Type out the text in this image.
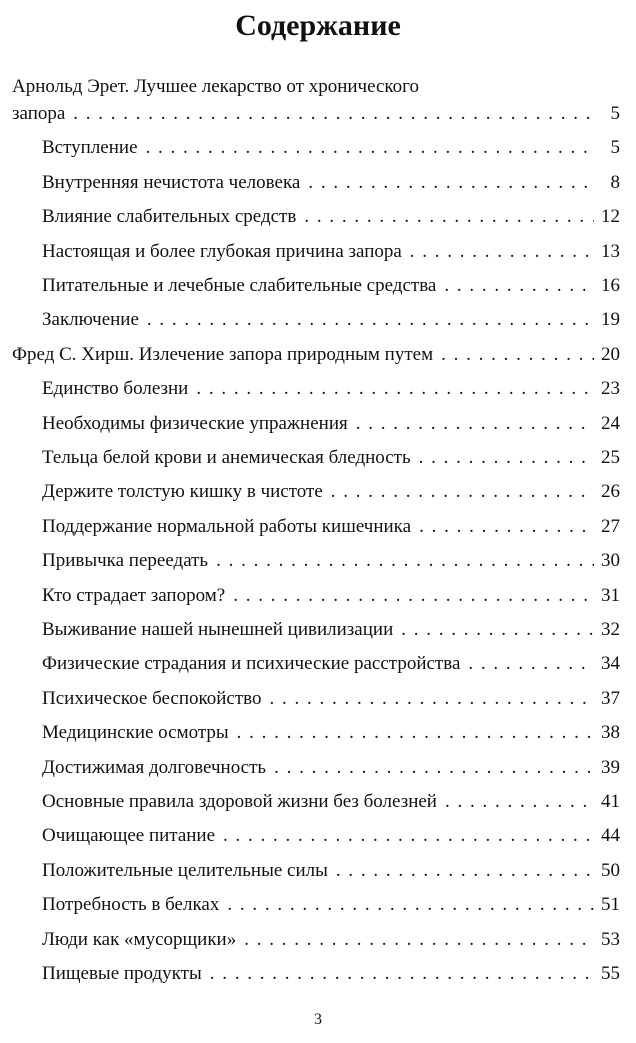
Содержание
Арнольд Эрет. Лучшее лекарство от хронического
запора . . .	5
Вступление . . .	5
Внутренняя нечистота человека . . .	8
Влияние слабительных средств . . .	12
Настоящая и более глубокая причина запора . . .	13
Питательные и лечебные слабительные средства . . .	16
Заключение . . .	19
Фред С. Хирш. Излечение запора природным путем . . .	20
Единство болезни . . .	23
Необходимы физические упражнения . . .	24
Тельца белой крови и анемическая бледность . . .	25
Держите толстую кишку в чистоте . . .	26
Поддержание нормальной работы кишечника . . .	27
Привычка переедать . . .	30
Кто страдает запором? . . .	31
Выживание нашей нынешней цивилизации . . .	32
Физические страдания и психические расстройства . . .	34
Психическое беспокойство . . .	37
Медицинские осмотры . . .	38
Достижимая долговечность . . .	39
Основные правила здоровой жизни без болезней . . .	41
Очищающее питание . . .	44
Положительные целительные силы . . .	50
Потребность в белках . . .	51
Люди как «мусорщики» . . .	53
Пищевые продукты . . .	55
3
